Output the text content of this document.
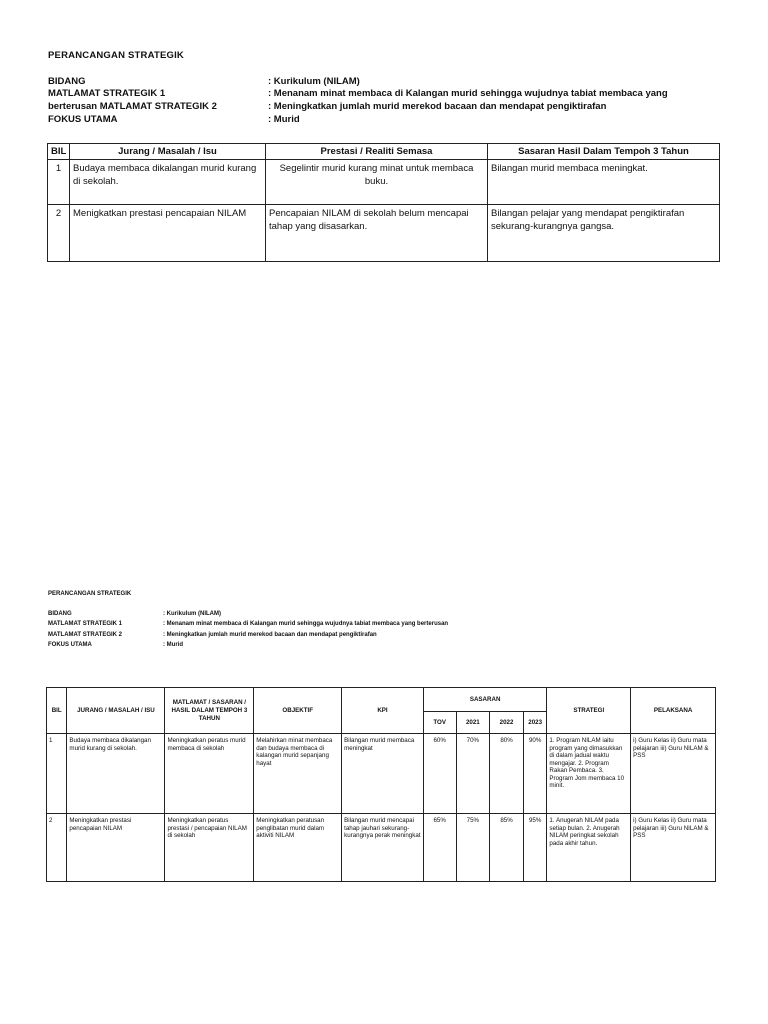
PERANCANGAN STRATEGIK
BIDANG	: Kurikulum (NILAM)
MATLAMAT STRATEGIK 1	: Menanam minat membaca di Kalangan murid sehingga wujudnya tabiat membaca yang
berterusan MATLAMAT STRATEGIK 2	: Meningkatkan jumlah murid merekod bacaan dan mendapat pengiktirafan
FOKUS UTAMA	: Murid
BIL	Jurang / Masalah / Isu	Prestasi / Realiti Semasa	Sasaran Hasil Dalam Tempoh 3 Tahun
1	Budaya membaca dikalangan murid kurang di sekolah.	Segelintir murid kurang minat untuk membaca buku.	Bilangan murid membaca meningkat.
2	Menigkatkan prestasi pencapaian NILAM	Pencapaian NILAM di sekolah belum mencapai tahap yang disasarkan.	Bilangan pelajar yang mendapat pengiktirafan sekurang-kurangnya gangsa.
PERANCANGAN STRATEGIK
BIDANG	: Kurikulum (NILAM)
MATLAMAT STRATEGIK 1	: Menanam minat membaca di Kalangan murid sehingga wujudnya tabiat membaca yang berterusan
MATLAMAT STRATEGIK 2	: Meningkatkan jumlah murid merekod bacaan dan mendapat pengiktirafan
FOKUS UTAMA	: Murid
BIL	JURANG / MASALAH / ISU	MATLAMAT / SASARAN / HASIL DALAM TEMPOH 3 TAHUN	OBJEKTIF	KPI	SASARAN				STRATEGI	PELAKSANA
					TOV	2021	2022	2023		
1	Budaya membaca dikalangan murid kurang di sekolah.	Meningkatkan peratus murid membaca di sekolah	Melahirkan minat membaca dan budaya membaca di kalangan murid sepanjang hayat	Bilangan murid membaca meningkat	60%	70%	80%	90%	1. Program NILAM iaitu program yang dimasukkan di dalam jadual waktu mengajar. 2. Program Rakan Pembaca. 3. Program Jom membaca 10 minit.	i) Guru Kelas ii) Guru mata pelajaran iii) Guru NILAM & PSS
2	Meningkatkan prestasi pencapaian NILAM	Meningkatkan peratus prestasi / pencapaian NILAM di sekolah	Meningkatkan peratusan penglibatan murid dalam aktiviti NILAM	Bilangan murid mencapai tahap jauhari sekurang-kurangnya perak meningkat	65%	75%	85%	95%	1. Anugerah NILAM pada setiap bulan. 2. Anugerah NILAM peringkat sekolah pada akhir tahun.	i) Guru Kelas ii) Guru mata pelajaran iii) Guru NILAM & PSS
